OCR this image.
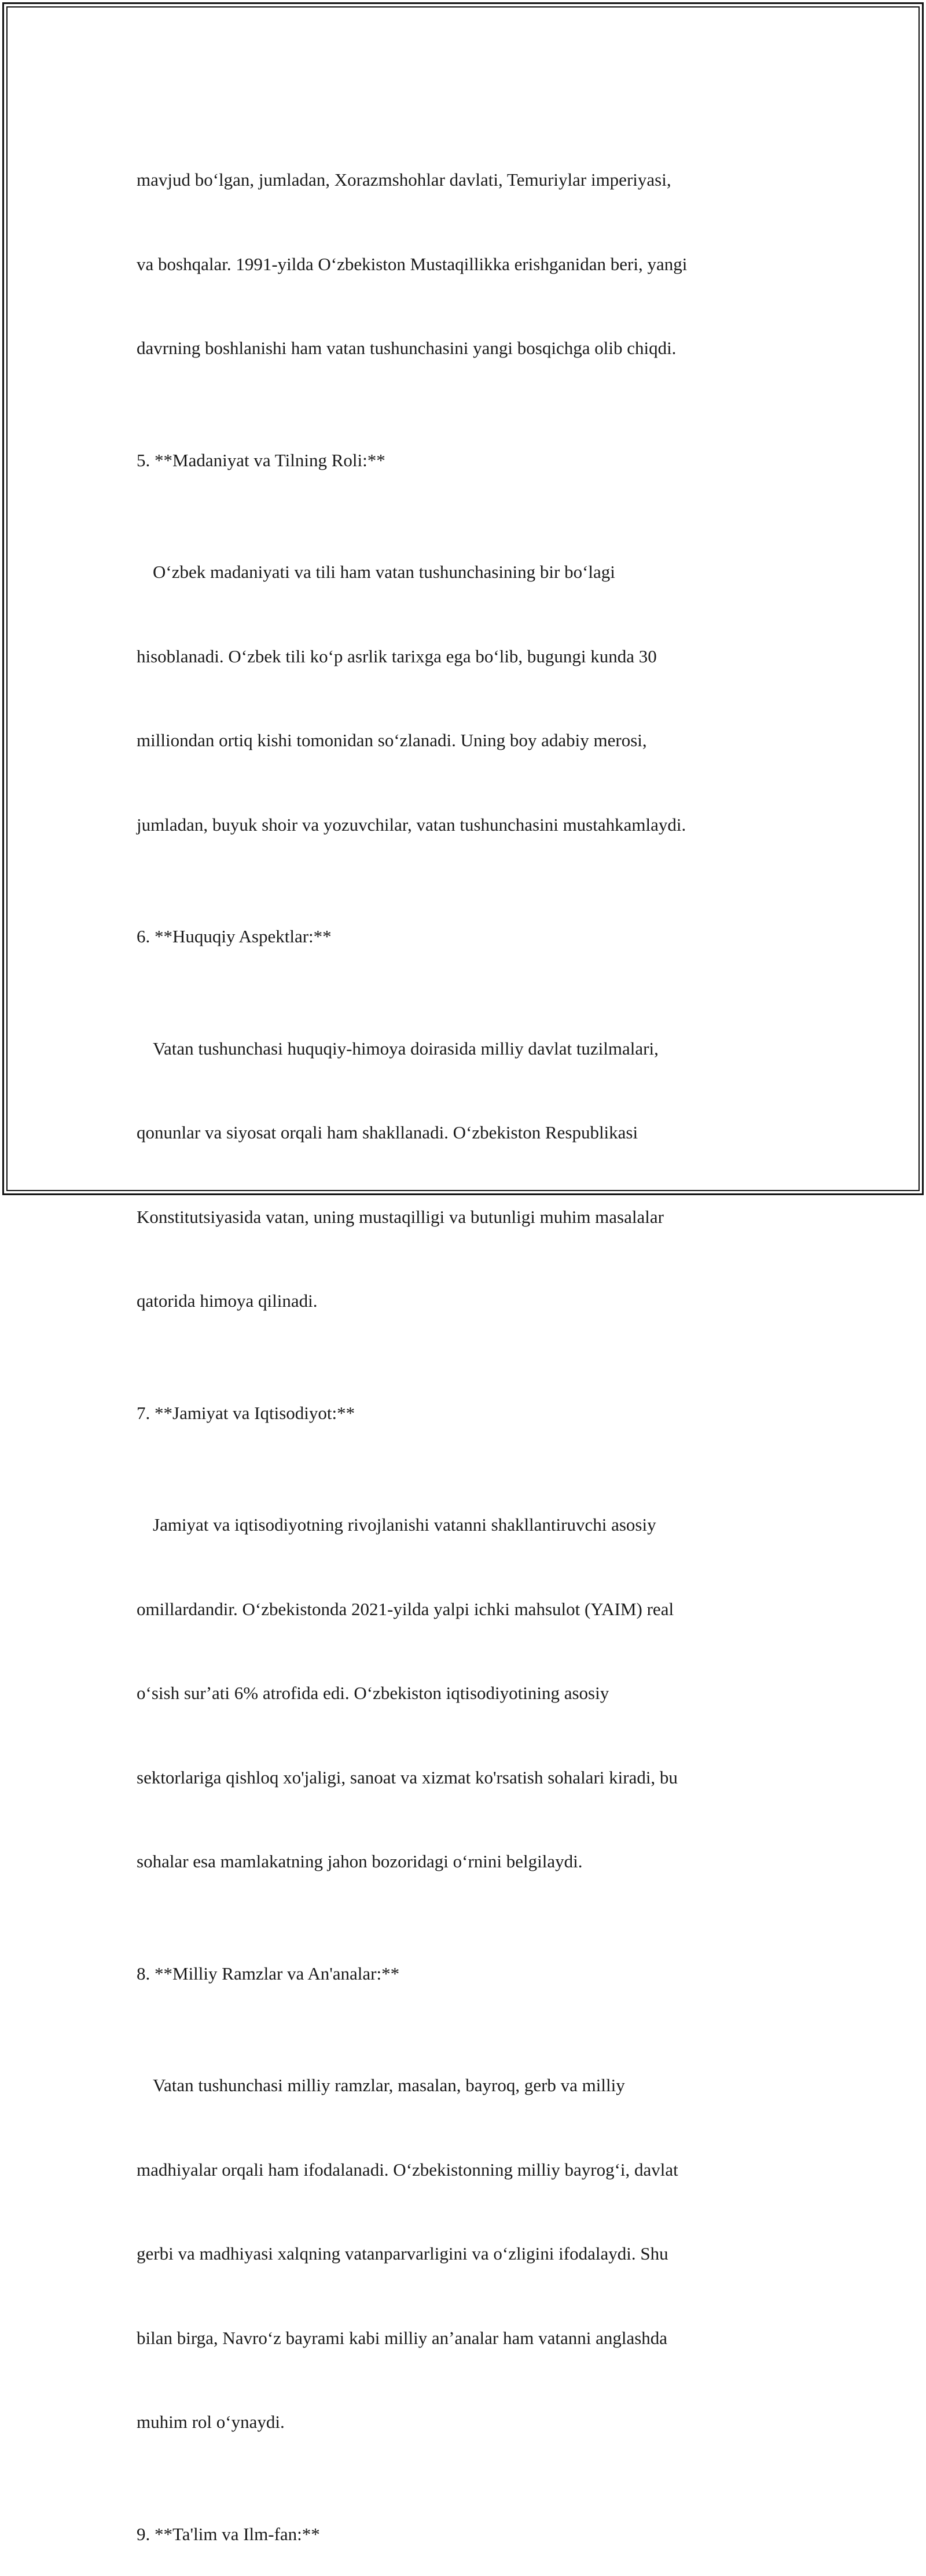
mavjud boʻlgan, jumladan, Xorazmshohlar davlati, Temuriylar imperiyasi,

va boshqalar. 1991-yilda Oʻzbekiston Mustaqillikka erishganidan beri, yangi

davrning boshlanishi ham vatan tushunchasini yangi bosqichga olib chiqdi.

5. **Madaniyat va Tilning Roli:**

Oʻzbek madaniyati va tili ham vatan tushunchasining bir boʻlagi

hisoblanadi. Oʻzbek tili koʻp asrlik tarixga ega boʻlib, bugungi kunda 30

milliondan ortiq kishi tomonidan soʻzlanadi. Uning boy adabiy merosi,

jumladan, buyuk shoir va yozuvchilar, vatan tushunchasini mustahkamlaydi.

6. **Huquqiy Aspektlar:**

Vatan tushunchasi huquqiy-himoya doirasida milliy davlat tuzilmalari,

qonunlar va siyosat orqali ham shakllanadi. Oʻzbekiston Respublikasi

Konstitutsiyasida vatan, uning mustaqilligi va butunligi muhim masalalar

qatorida himoya qilinadi.

7. **Jamiyat va Iqtisodiyot:**

Jamiyat va iqtisodiyotning rivojlanishi vatanni shakllantiruvchi asosiy

omillardandir. Oʻzbekistonda 2021-yilda yalpi ichki mahsulot (YAIM) real

oʻsish surʼati 6% atrofida edi. Oʻzbekiston iqtisodiyotining asosiy

sektorlariga qishloq xo'jaligi, sanoat va xizmat ko'rsatish sohalari kiradi, bu

sohalar esa mamlakatning jahon bozoridagi oʻrnini belgilaydi.

8. **Milliy Ramzlar va An'analar:**

Vatan tushunchasi milliy ramzlar, masalan, bayroq, gerb va milliy

madhiyalar orqali ham ifodalanadi. Oʻzbekistonning milliy bayrogʻi, davlat

gerbi va madhiyasi xalqning vatanparvarligini va oʻzligini ifodalaydi. Shu

bilan birga, Navroʻz bayrami kabi milliy anʼanalar ham vatanni anglashda

muhim rol oʻynaydi.

9. **Ta'lim va Ilm-fan:**
